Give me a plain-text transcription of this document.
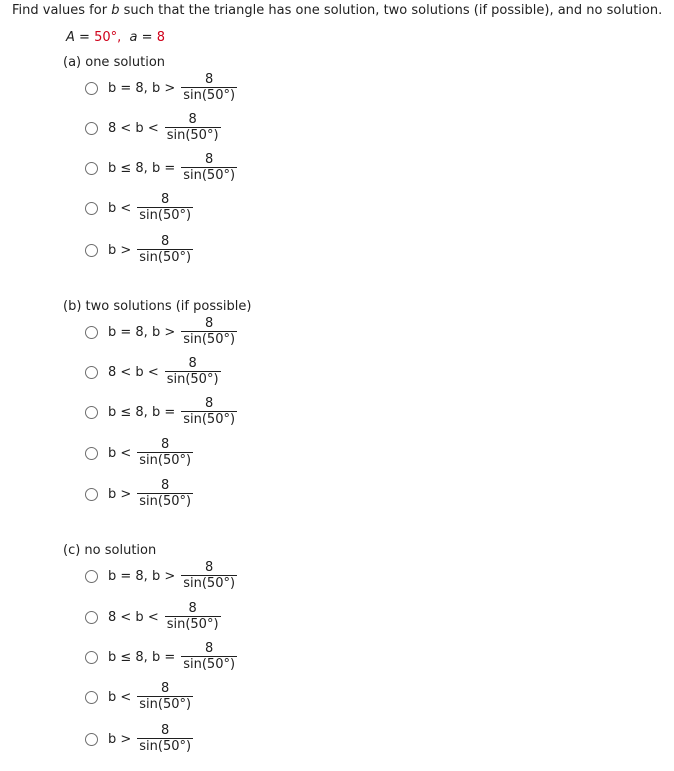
Find values for b such that the triangle has one solution, two solutions (if possible), and no solution.
A = 50°, a = 8
(a) one solution
b = 8, $b > \frac{8}{\sin(50^\circ)}$
$8 < b < \frac{8}{\sin(50^\circ)}$
b ≤ 8, $b = \frac{8}{\sin(50^\circ)}$
$b < \frac{8}{\sin(50^\circ)}$
$b > \frac{8}{\sin(50^\circ)}$
(b) two solutions (if possible)
b = 8, $b > \frac{8}{\sin(50^\circ)}$
$8 < b < \frac{8}{\sin(50^\circ)}$
b ≤ 8, $b = \frac{8}{\sin(50^\circ)}$
$b < \frac{8}{\sin(50^\circ)}$
$b > \frac{8}{\sin(50^\circ)}$
(c) no solution
b = 8, $b > \frac{8}{\sin(50^\circ)}$
$8 < b < \frac{8}{\sin(50^\circ)}$
b ≤ 8, $b = \frac{8}{\sin(50^\circ)}$
$b < \frac{8}{\sin(50^\circ)}$
$b > \frac{8}{\sin(50^\circ)}$
